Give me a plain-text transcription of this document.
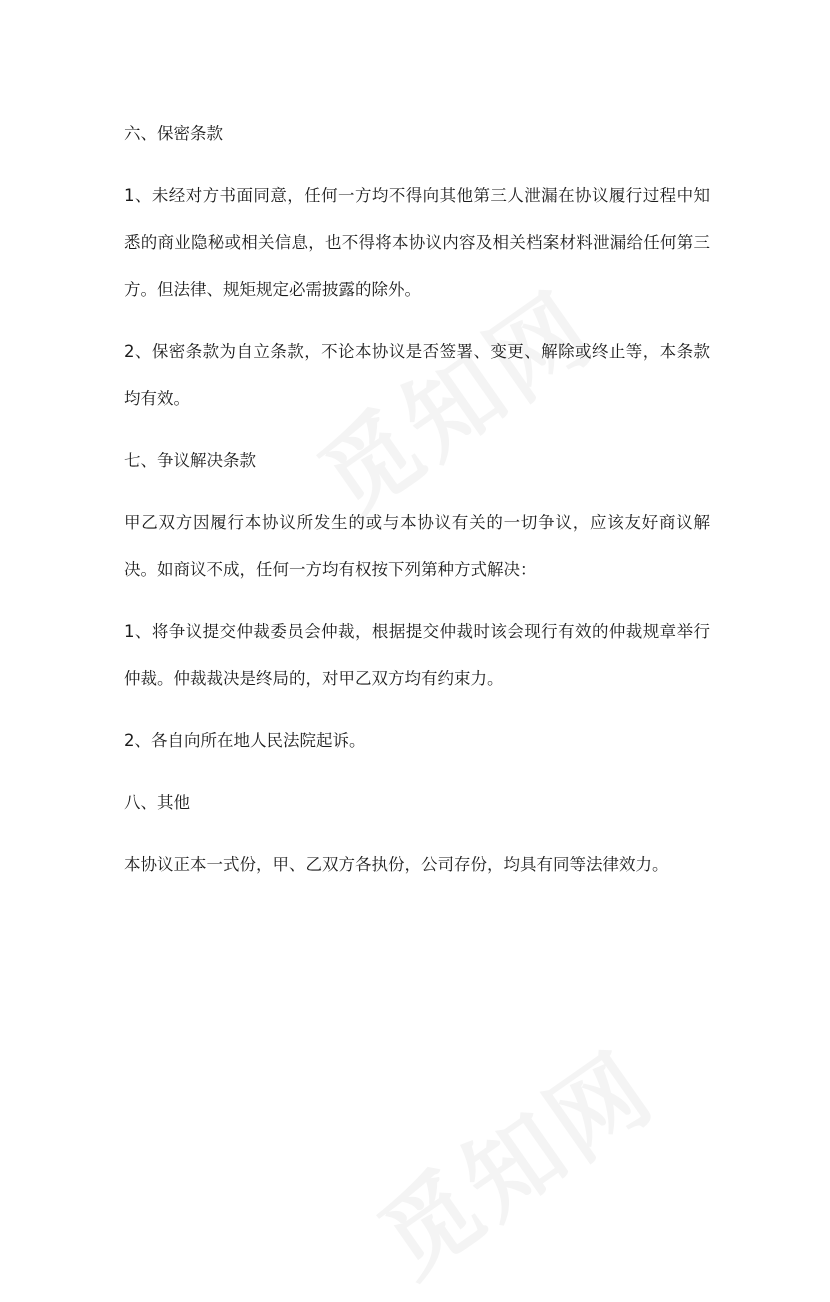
六、保密条款

1、未经对方书面同意，任何一方均不得向其他第三人泄漏在协议履行过程中知悉的商业隐秘或相关信息，也不得将本协议内容及相关档案材料泄漏给任何第三方。但法律、规矩规定必需披露的除外。

2、保密条款为自立条款，不论本协议是否签署、变更、解除或终止等，本条款均有效。

七、争议解决条款

甲乙双方因履行本协议所发生的或与本协议有关的一切争议，应该友好商议解决。如商议不成，任何一方均有权按下列第种方式解决：

1、将争议提交仲裁委员会仲裁，根据提交仲裁时该会现行有效的仲裁规章举行仲裁。仲裁裁决是终局的，对甲乙双方均有约束力。

2、各自向所在地人民法院起诉。

八、其他

本协议正本一式份，甲、乙双方各执份，公司存份，均具有同等法律效力。
